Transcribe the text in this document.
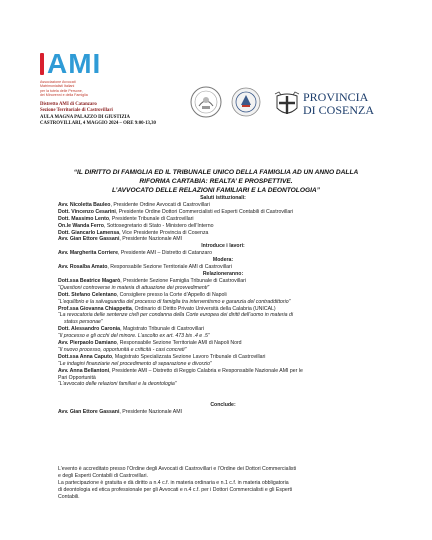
AMI
Associazione Avvocati
Matrimonialisti Italiani
per la tutela delle Persone,
dei Minorenni e della Famiglia
Distretto AMI di Catanzaro
Sezione Territoriale di Castrovillari
AULA MAGNA PALAZZO DI GIUSTIZIA
CASTROVILLARI, 4 MAGGIO 2024 – ORE 9:00-13,30
PROVINCIA
DI COSENZA
“IL DIRITTO DI FAMIGLIA ED IL TRIBUNALE UNICO DELLA FAMIGLIA AD UN ANNO DALLA
RIFORMA CARTABIA: REALTA’ E PROSPETTIVE.
L’AVVOCATO DELLE RELAZIONI FAMILIARI E LA DEONTOLOGIA”
Saluti istituzionali:
Avv. Nicoletta Bauleo, Presidente Ordine Avvocati di Castrovillari
Dott. Vincenzo Cesarini, Presidente Ordine Dottori Commercialisti ed Esperti Contabili di Castrovillari
Dott. Massimo Lento, Presidente Tribunale di Castrovillari
On.le Wanda Ferro, Sottosegretario di Stato - Ministero dell’Interno
Dott. Giancarlo Lamensa, Vice Presidente Provincia di Cosenza
Avv. Gian Ettore Gassani, Presidente Nazionale AMI
Introduce i lavori:
Avv. Margherita Corriere, Presidente AMI – Distretto di Catanzaro
Modera:
Avv. Rosalba Amato, Responsabile Sezione Territoriale AMI di Castrovillari
Relazioneranno:
Dott.ssa Beatrice Magarò, Presidente Sezione Famiglia Tribunale di Castrovillari
“Questioni controverse in materia di attuazione dei provvedimenti”
Dott. Stefano Celentano, Consigliere presso la Corte d’Appello di Napoli
“L’equilibrio e la salvaguardia del processo di famiglia tra interventismo e garanzia del contraddittorio”
Prof.ssa Giovanna Chiappetta, Ordinario di Diritto Privato Università della Calabria (UNICAL)
“La revocatoria delle sentenze civili per condanna della Corte europea dei diritti dell’uomo in materia di
status personae”
Dott. Alessandro Caronia, Magistrato Tribunale di Castrovillari
“Il processo e gli occhi del minore. L’ascolto ex art. 473 bis .4 e .5”
Avv. Pierpaolo Damiano, Responsabile Sezione Territoriale AMI di Napoli Nord
“Il nuovo processo, opportunità e criticità - casi concreti”
Dott.ssa Anna Caputo, Magistrato Specializzata Sezione Lavoro Tribunale di Castrovillari
“Le indagini finanziarie nel procedimento di separazione e divorzio”
Avv. Anna Bellantoni, Presidente AMI – Distretto di Reggio Calabria e Responsabile Nazionale AMI per le
Pari Opportunità
“L’avvocato delle relazioni familiari e la deontologia”
Conclude:
Avv. Gian Ettore Gassani, Presidente Nazionale AMI
L’evento è accreditato presso l’Ordine degli Avvocati di Castrovillari e l’Ordine dei Dottori Commercialisti
e degli Esperti Contabili di Castrovillari.
La partecipazione è gratuita e dà diritto a n.4 c.f. in materia ordinaria e n.1 c.f. in materia obbligatoria
di deontologia ed etica professionale per gli Avvocati e n.4 c.f. per i Dottori Commercialisti e gli Esperti
Contabili.
